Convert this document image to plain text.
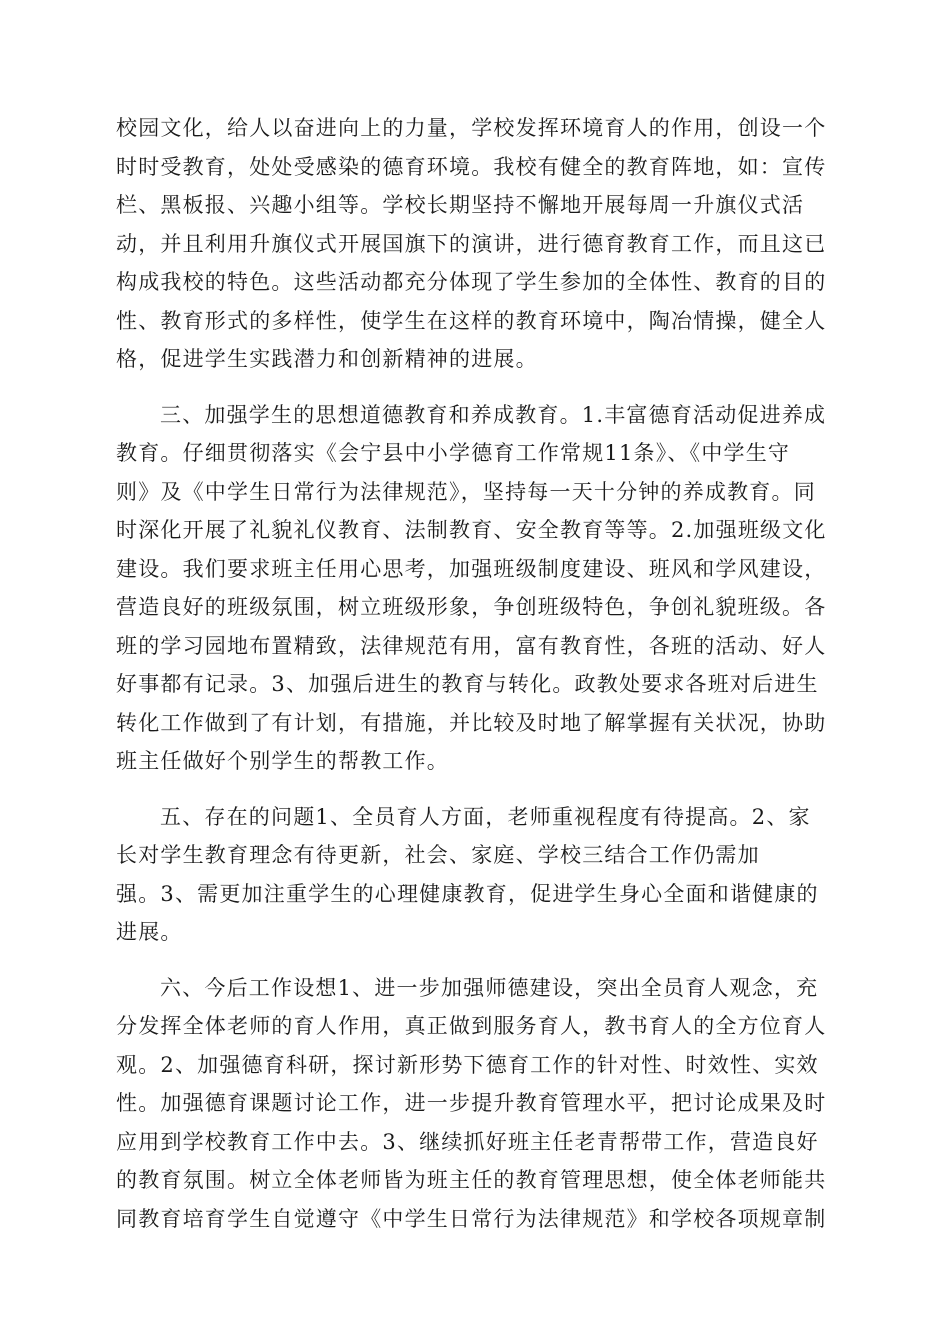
校园文化，给人以奋进向上的力量，学校发挥环境育人的作用，创设一个
时时受教育，处处受感染的德育环境。我校有健全的教育阵地，如：宣传
栏、黑板报、兴趣小组等。学校长期坚持不懈地开展每周一升旗仪式活
动，并且利用升旗仪式开展国旗下的演讲，进行德育教育工作，而且这已
构成我校的特色。这些活动都充分体现了学生参加的全体性、教育的目的
性、教育形式的多样性，使学生在这样的教育环境中，陶冶情操，健全人
格，促进学生实践潜力和创新精神的进展。

三、加强学生的思想道德教育和养成教育。1.丰富德育活动促进养成
教育。仔细贯彻落实《会宁县中小学德育工作常规11条》、《中学生守
则》及《中学生日常行为法律规范》，坚持每一天十分钟的养成教育。同
时深化开展了礼貌礼仪教育、法制教育、安全教育等等。2.加强班级文化
建设。我们要求班主任用心思考，加强班级制度建设、班风和学风建设，
营造良好的班级氛围，树立班级形象，争创班级特色，争创礼貌班级。各
班的学习园地布置精致，法律规范有用，富有教育性，各班的活动、好人
好事都有记录。3、加强后进生的教育与转化。政教处要求各班对后进生
转化工作做到了有计划，有措施，并比较及时地了解掌握有关状况，协助
班主任做好个别学生的帮教工作。

五、存在的问题1、全员育人方面，老师重视程度有待提高。2、家
长对学生教育理念有待更新，社会、家庭、学校三结合工作仍需加
强。3、需更加注重学生的心理健康教育，促进学生身心全面和谐健康的
进展。

六、今后工作设想1、进一步加强师德建设，突出全员育人观念，充
分发挥全体老师的育人作用，真正做到服务育人，教书育人的全方位育人
观。2、加强德育科研，探讨新形势下德育工作的针对性、时效性、实效
性。加强德育课题讨论工作，进一步提升教育管理水平，把讨论成果及时
应用到学校教育工作中去。3、继续抓好班主任老青帮带工作，营造良好
的教育氛围。树立全体老师皆为班主任的教育管理思想，使全体老师能共
同教育培育学生自觉遵守《中学生日常行为法律规范》和学校各项规章制
